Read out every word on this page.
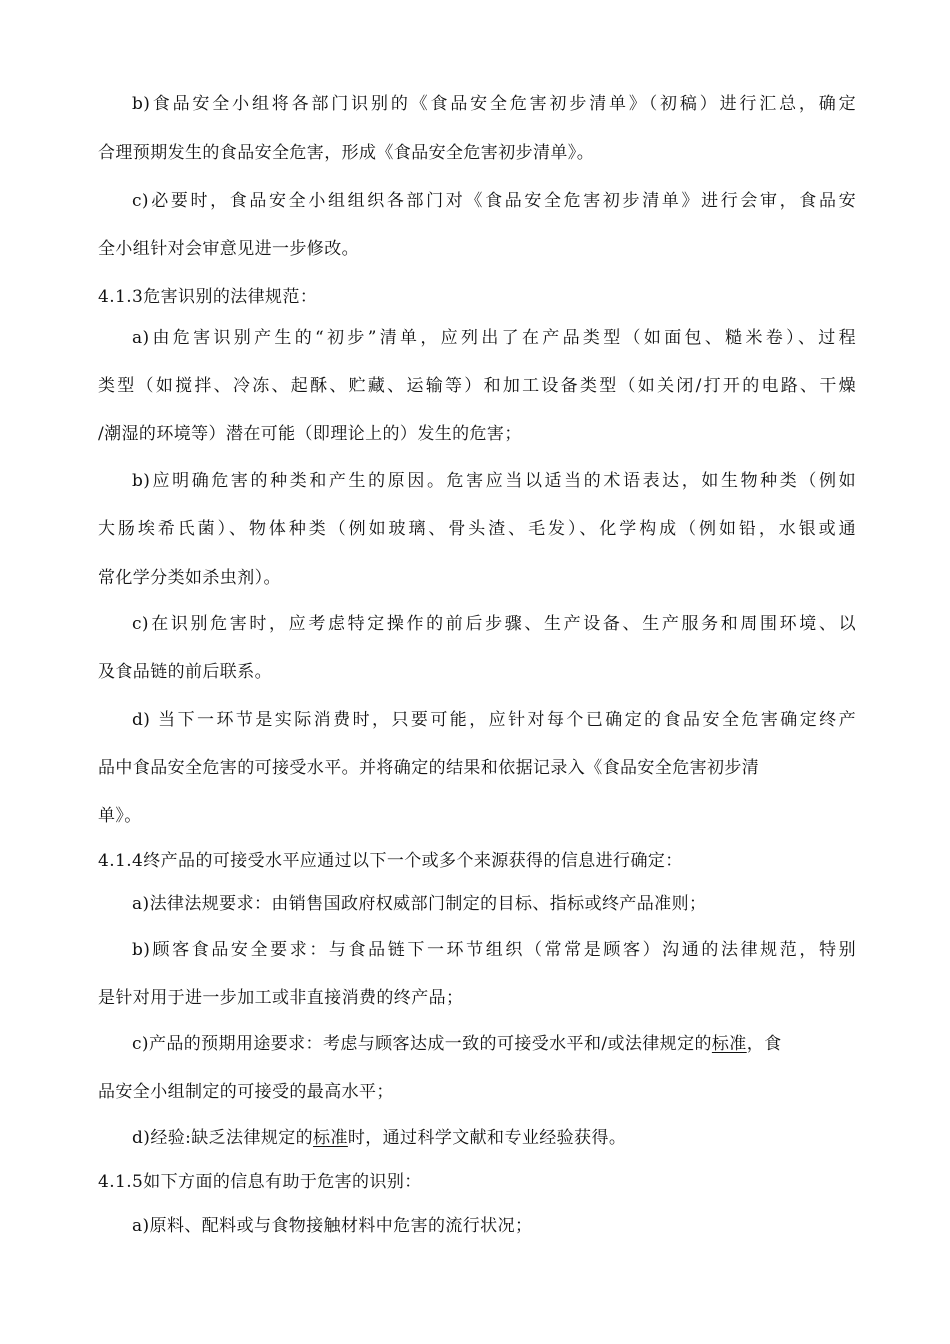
b)食品安全小组将各部门识别的《食品安全危害初步清单》（初稿）进行汇总，确定
合理预期发生的食品安全危害，形成《食品安全危害初步清单》。
c)必要时，食品安全小组组织各部门对《食品安全危害初步清单》进行会审，食品安
全小组针对会审意见进一步修改。
4.1.3危害识别的法律规范：
a)由危害识别产生的“初步”清单，应列出了在产品类型（如面包、糙米卷）、过程
类型（如搅拌、冷冻、起酥、贮藏、运输等）和加工设备类型（如关闭/打开的电路、干燥
/潮湿的环境等）潜在可能（即理论上的）发生的危害；
b)应明确危害的种类和产生的原因。危害应当以适当的术语表达，如生物种类（例如
大肠埃希氏菌）、物体种类（例如玻璃、骨头渣、毛发）、化学构成（例如铅，水银或通
常化学分类如杀虫剂）。
c)在识别危害时，应考虑特定操作的前后步骤、生产设备、生产服务和周围环境、以
及食品链的前后联系。
d) 当下一环节是实际消费时，只要可能，应针对每个已确定的食品安全危害确定终产
品中食品安全危害的可接受水平。并将确定的结果和依据记录入《食品安全危害初步清
单》。
4.1.4终产品的可接受水平应通过以下一个或多个来源获得的信息进行确定：
a)法律法规要求：由销售国政府权威部门制定的目标、指标或终产品准则；
b)顾客食品安全要求：与食品链下一环节组织（常常是顾客）沟通的法律规范，特别
是针对用于进一步加工或非直接消费的终产品；
c)产品的预期用途要求：考虑与顾客达成一致的可接受水平和/或法律规定的标准，食
品安全小组制定的可接受的最高水平；
d)经验:缺乏法律规定的标准时，通过科学文献和专业经验获得。
4.1.5如下方面的信息有助于危害的识别：
a)原料、配料或与食物接触材料中危害的流行状况；
